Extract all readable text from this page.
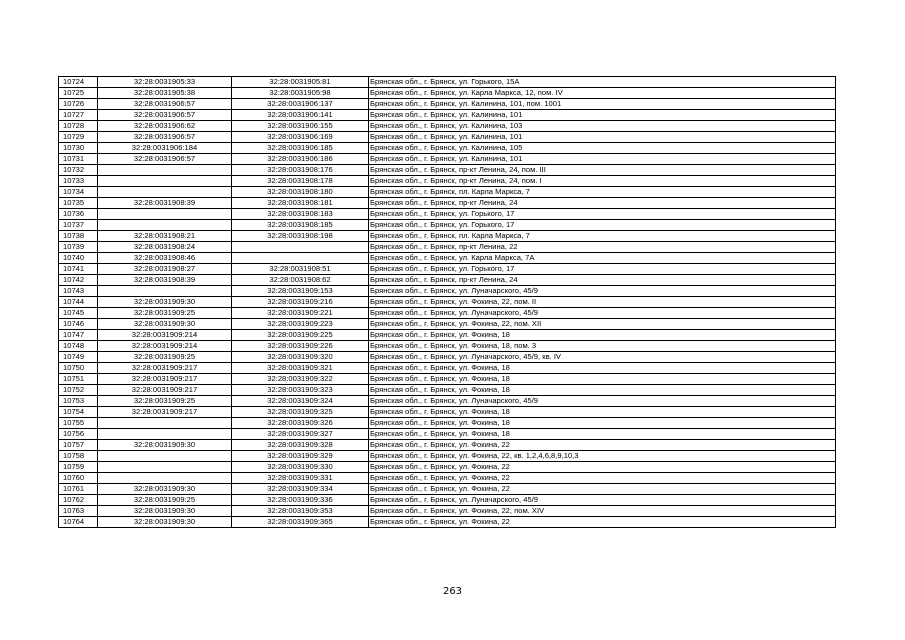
10724	32:28:0031905:33	32:28:0031905:81	Брянская обл., г. Брянск, ул. Горького, 15А
10725	32:28:0031905:38	32:28:0031905:98	Брянская обл., г. Брянск, ул. Карла Маркса, 12, пом. IV
10726	32:28:0031906:57	32:28:0031906:137	Брянская обл., г. Брянск, ул. Калинина, 101, пом. 1001
10727	32:28:0031906:57	32:28:0031906:141	Брянская обл., г. Брянск, ул. Калинина, 101
10728	32:28:0031906:62	32:28:0031906:155	Брянская обл., г. Брянск, ул. Калинина, 103
10729	32:28:0031906:57	32:28:0031906:169	Брянская обл., г. Брянск, ул. Калинина, 101
10730	32:28:0031906:184	32:28:0031906:185	Брянская обл., г. Брянск, ул. Калинина, 105
10731	32:28:0031906:57	32:28:0031906:186	Брянская обл., г. Брянск, ул. Калинина, 101
10732		32:28:0031908:176	Брянская обл., г. Брянск, пр-кт Ленина, 24, пом. III
10733		32:28:0031908:178	Брянская обл., г. Брянск, пр-кт Ленина, 24, пом. I
10734		32:28:0031908:180	Брянская обл., г. Брянск, пл. Карла Маркса, 7
10735	32:28:0031908:39	32:28:0031908:181	Брянская обл., г. Брянск, пр-кт Ленина, 24
10736		32:28:0031908:183	Брянская обл., г. Брянск, ул. Горького, 17
10737		32:28:0031908:185	Брянская обл., г. Брянск, ул. Горького, 17
10738	32:28:0031908:21	32:28:0031908:198	Брянская обл., г. Брянск, пл. Карла Маркса, 7
10739	32:28:0031908:24		Брянская обл., г. Брянск, пр-кт Ленина, 22
10740	32:28:0031908:46		Брянская обл., г. Брянск, ул. Карла Маркса, 7А
10741	32:28:0031908:27	32:28:0031908:51	Брянская обл., г. Брянск, ул. Горького, 17
10742	32:28:0031908:39	32:28:0031908:62	Брянская обл., г. Брянск, пр-кт Ленина, 24
10743		32:28:0031909:153	Брянская обл., г. Брянск, ул. Луначарского, 45/9
10744	32:28:0031909:30	32:28:0031909:216	Брянская обл., г. Брянск, ул. Фокина, 22, пом. II
10745	32:28:0031909:25	32:28:0031909:221	Брянская обл., г. Брянск, ул. Луначарского, 45/9
10746	32:28:0031909:30	32:28:0031909:223	Брянская обл., г. Брянск, ул. Фокина, 22, пом. XII
10747	32:28:0031909:214	32:28:0031909:225	Брянская обл., г. Брянск, ул. Фокина, 18
10748	32:28:0031909:214	32:28:0031909:226	Брянская обл., г. Брянск, ул. Фокина, 18, пом. 3
10749	32:28:0031909:25	32:28:0031909:320	Брянская обл., г. Брянск, ул. Луначарского, 45/9, кв. IV
10750	32:28:0031909:217	32:28:0031909:321	Брянская обл., г. Брянск, ул. Фокина, 18
10751	32:28:0031909:217	32:28:0031909:322	Брянская обл., г. Брянск, ул. Фокина, 18
10752	32:28:0031909:217	32:28:0031909:323	Брянская обл., г. Брянск, ул. Фокина, 18
10753	32:28:0031909:25	32:28:0031909:324	Брянская обл., г. Брянск, ул. Луначарского, 45/9
10754	32:28:0031909:217	32:28:0031909:325	Брянская обл., г. Брянск, ул. Фокина, 18
10755		32:28:0031909:326	Брянская обл., г. Брянск, ул. Фокина, 18
10756		32:28:0031909:327	Брянская обл., г. Брянск, ул. Фокина, 18
10757	32:28:0031909:30	32:28:0031909:328	Брянская обл., г. Брянск, ул. Фокина, 22
10758		32:28:0031909:329	Брянская обл., г. Брянск, ул. Фокина, 22, кв. 1,2,4,6,8,9,10,3
10759		32:28:0031909:330	Брянская обл., г. Брянск, ул. Фокина, 22
10760		32:28:0031909:331	Брянская обл., г. Брянск, ул. Фокина, 22
10761	32:28:0031909:30	32:28:0031909:334	Брянская обл., г. Брянск, ул. Фокина, 22
10762	32:28:0031909:25	32:28:0031909:336	Брянская обл., г. Брянск, ул. Луначарского, 45/9
10763	32:28:0031909:30	32:28:0031909:353	Брянская обл., г. Брянск, ул. Фокина, 22, пом. XIV
10764	32:28:0031909:30	32:28:0031909:365	Брянская обл., г. Брянск, ул. Фокина, 22
263
